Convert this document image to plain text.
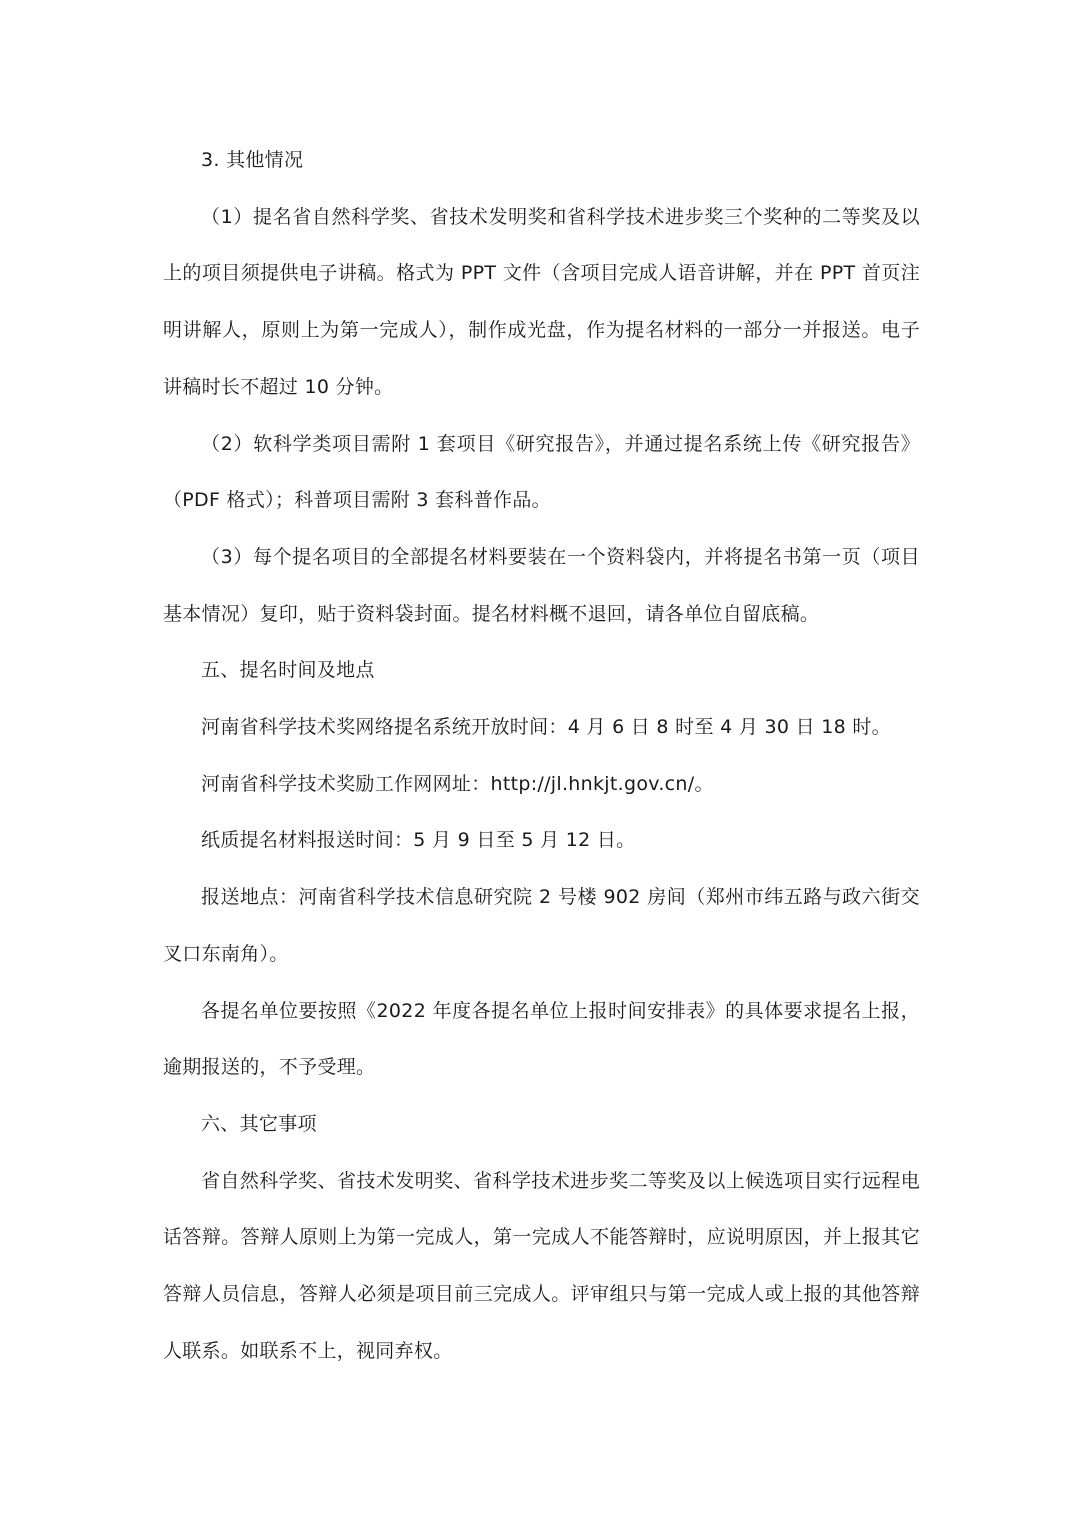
3. 其他情况

（1）提名省自然科学奖、省技术发明奖和省科学技术进步奖三个奖种的二等奖及以上的项目须提供电子讲稿。格式为 PPT 文件（含项目完成人语音讲解，并在 PPT 首页注明讲解人，原则上为第一完成人），制作成光盘，作为提名材料的一部分一并报送。电子讲稿时长不超过 10 分钟。

（2）软科学类项目需附 1 套项目《研究报告》，并通过提名系统上传《研究报告》（PDF 格式）；科普项目需附 3 套科普作品。

（3）每个提名项目的全部提名材料要装在一个资料袋内，并将提名书第一页（项目基本情况）复印，贴于资料袋封面。提名材料概不退回，请各单位自留底稿。

五、提名时间及地点

河南省科学技术奖网络提名系统开放时间：4 月 6 日 8 时至 4 月 30 日 18 时。

河南省科学技术奖励工作网网址：http://jl.hnkjt.gov.cn/。

纸质提名材料报送时间：5 月 9 日至 5 月 12 日。

报送地点：河南省科学技术信息研究院 2 号楼 902 房间（郑州市纬五路与政六街交叉口东南角）。

各提名单位要按照《2022 年度各提名单位上报时间安排表》的具体要求提名上报，逾期报送的，不予受理。

六、其它事项

省自然科学奖、省技术发明奖、省科学技术进步奖二等奖及以上候选项目实行远程电话答辩。答辩人原则上为第一完成人，第一完成人不能答辩时，应说明原因，并上报其它答辩人员信息，答辩人必须是项目前三完成人。评审组只与第一完成人或上报的其他答辩人联系。如联系不上，视同弃权。
